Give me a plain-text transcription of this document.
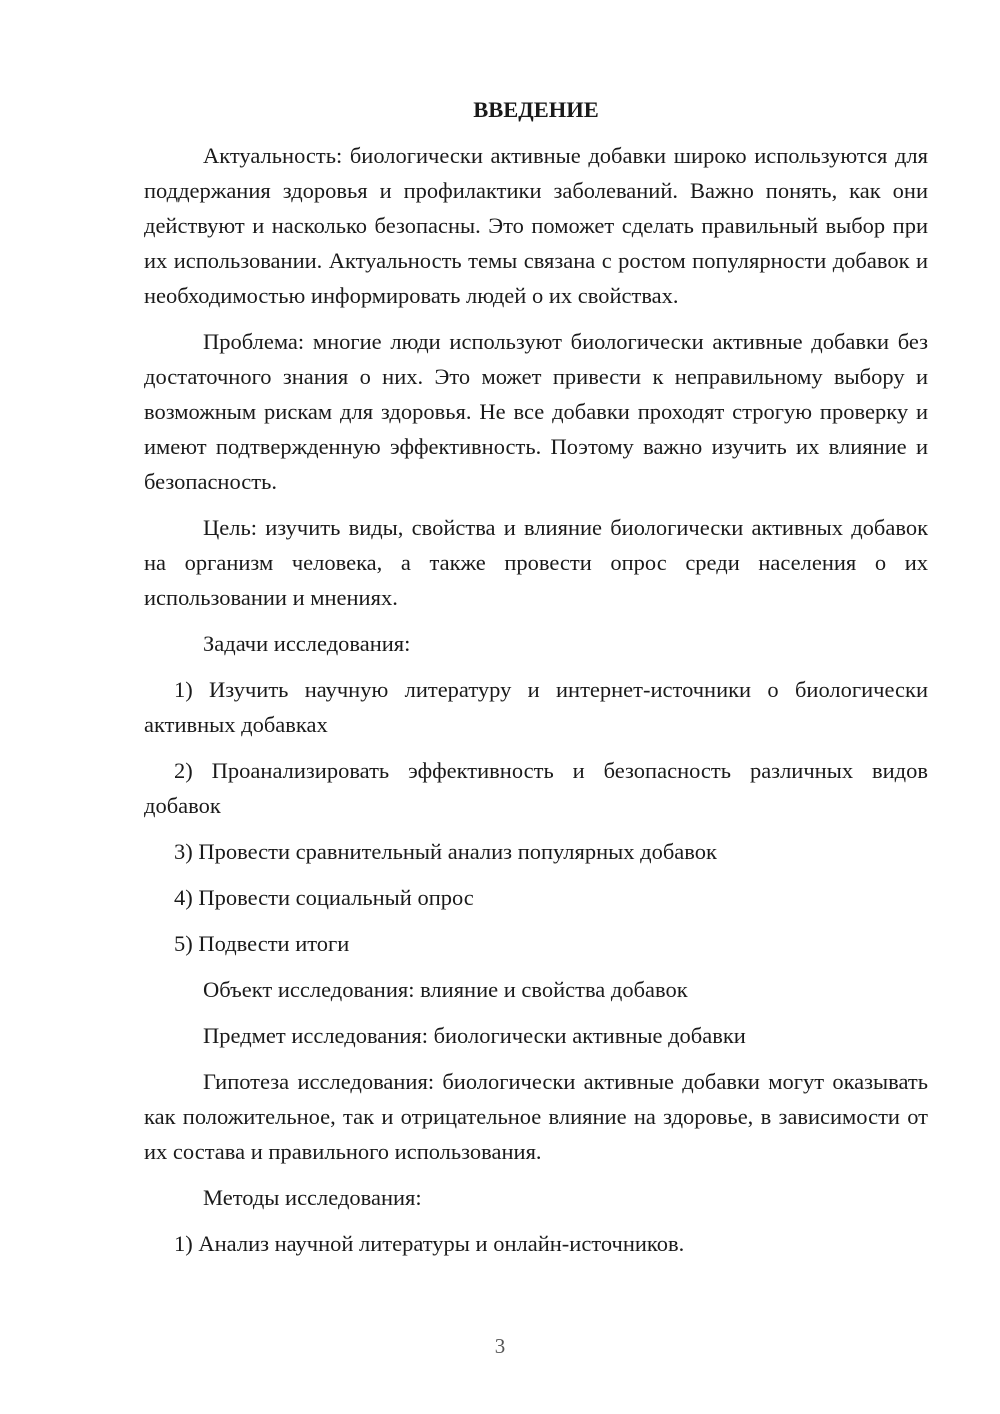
ВВЕДЕНИЕ

Актуальность: биологически активные добавки широко используются для поддержания здоровья и профилактики заболеваний. Важно понять, как они действуют и насколько безопасны. Это поможет сделать правильный выбор при их использовании. Актуальность темы связана с ростом популярности добавок и необходимостью информировать людей о их свойствах.

Проблема: многие люди используют биологически активные добавки без достаточного знания о них. Это может привести к неправильному выбору и возможным рискам для здоровья. Не все добавки проходят строгую проверку и имеют подтвержденную эффективность. Поэтому важно изучить их влияние и безопасность.

Цель: изучить виды, свойства и влияние биологически активных добавок на организм человека, а также провести опрос среди населения о их использовании и мнениях.

Задачи исследования:

1) Изучить научную литературу и интернет-источники о биологически активных добавках

2) Проанализировать эффективность и безопасность различных видов добавок

3) Провести сравнительный анализ популярных добавок

4) Провести социальный опрос

5) Подвести итоги

Объект исследования: влияние и свойства добавок

Предмет исследования: биологически активные добавки

Гипотеза исследования: биологически активные добавки могут оказывать как положительное, так и отрицательное влияние на здоровье, в зависимости от их состава и правильного использования.

Методы исследования:

1) Анализ научной литературы и онлайн-источников.

3
